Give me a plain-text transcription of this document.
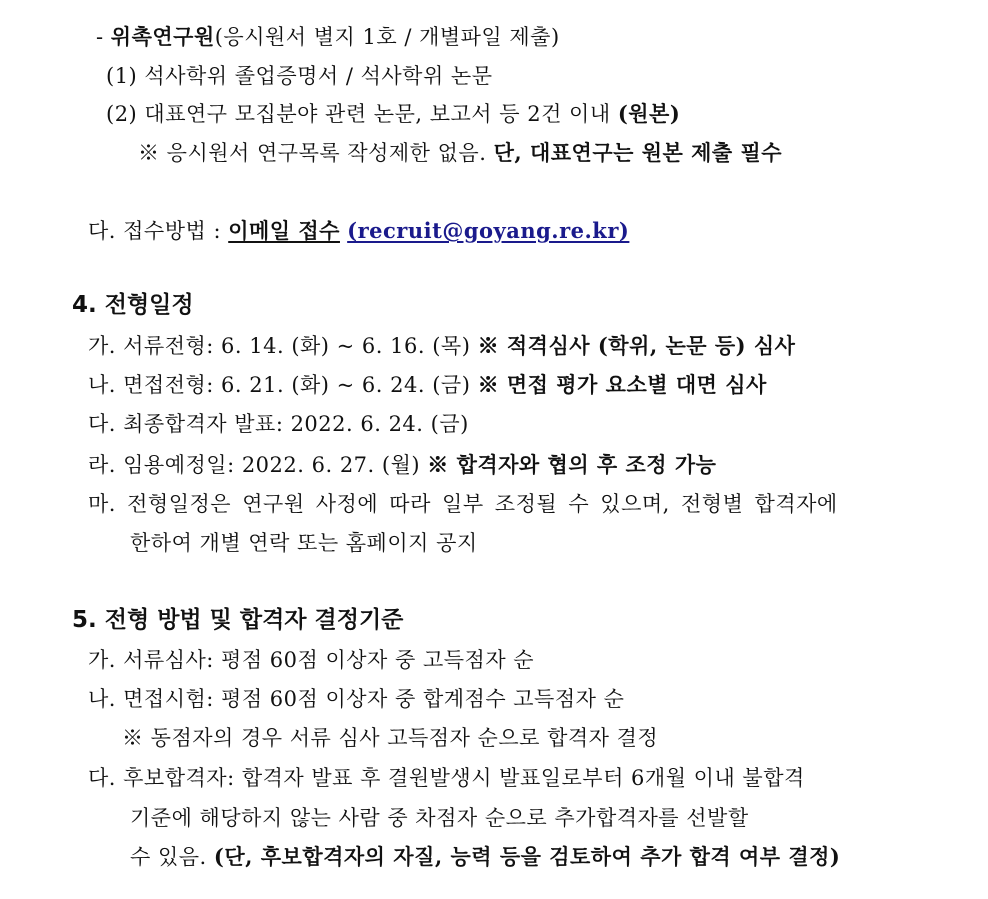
- 위촉연구원(응시원서 별지 1호 / 개별파일 제출)
(1) 석사학위 졸업증명서 / 석사학위 논문
(2) 대표연구 모집분야 관련 논문, 보고서 등 2건 이내 (원본)
※ 응시원서 연구목록 작성제한 없음. 단, 대표연구는 원본 제출 필수
다. 접수방법 : 이메일 접수 (recruit@goyang.re.kr)
4. 전형일정
가. 서류전형: 6. 14. (화) ~ 6. 16. (목) ※ 적격심사 (학위, 논문 등) 심사
나. 면접전형: 6. 21. (화) ~ 6. 24. (금) ※ 면접 평가 요소별 대면 심사
다. 최종합격자 발표: 2022. 6. 24. (금)
라. 임용예정일: 2022. 6. 27. (월) ※ 합격자와 협의 후 조정 가능
마. 전형일정은 연구원 사정에 따라 일부 조정될 수 있으며, 전형별 합격자에
한하여 개별 연락 또는 홈페이지 공지
5. 전형 방법 및 합격자 결정기준
가. 서류심사: 평점 60점 이상자 중 고득점자 순
나. 면접시험: 평점 60점 이상자 중 합계점수 고득점자 순
※ 동점자의 경우 서류 심사 고득점자 순으로 합격자 결정
다. 후보합격자: 합격자 발표 후 결원발생시 발표일로부터 6개월 이내 불합격
기준에 해당하지 않는 사람 중 차점자 순으로 추가합격자를 선발할
수 있음. (단, 후보합격자의 자질, 능력 등을 검토하여 추가 합격 여부 결정)
